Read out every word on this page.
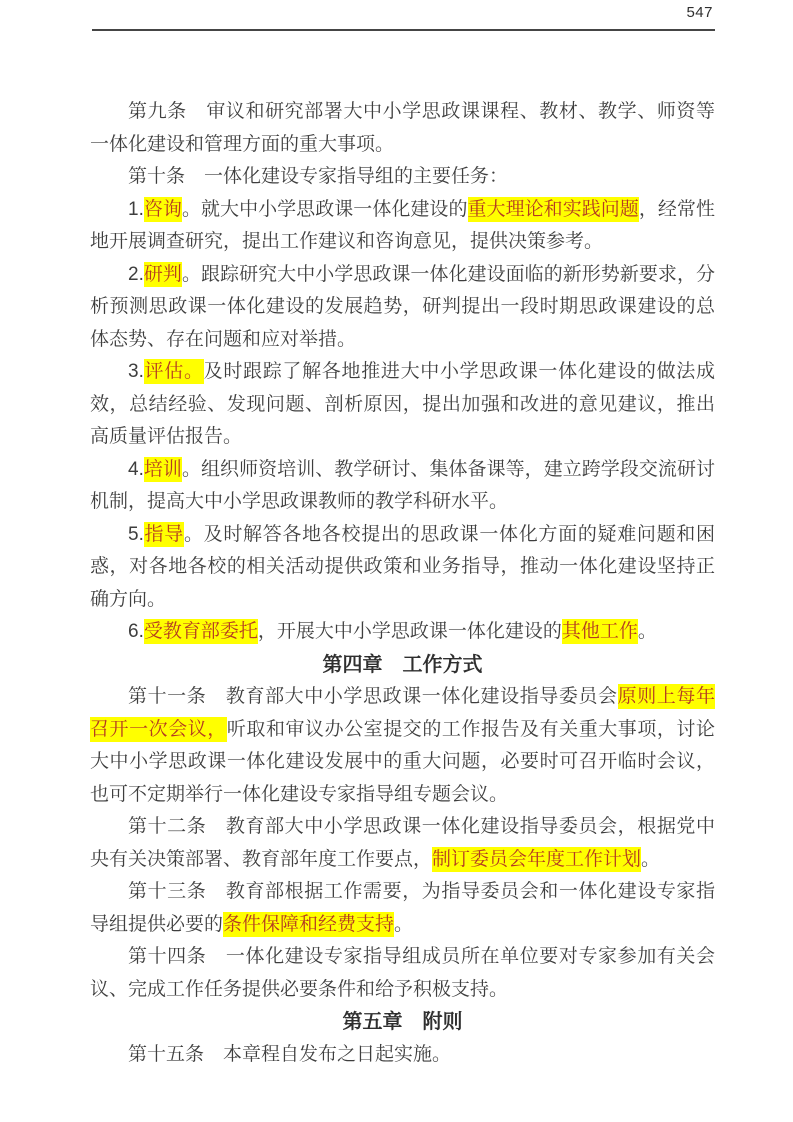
547

第九条　审议和研究部署大中小学思政课课程、教材、教学、师资等一体化建设和管理方面的重大事项。

第十条　一体化建设专家指导组的主要任务：

1.咨询。就大中小学思政课一体化建设的重大理论和实践问题，经常性地开展调查研究，提出工作建议和咨询意见，提供决策参考。

2.研判。跟踪研究大中小学思政课一体化建设面临的新形势新要求，分析预测思政课一体化建设的发展趋势，研判提出一段时期思政课建设的总体态势、存在问题和应对举措。

3.评估。及时跟踪了解各地推进大中小学思政课一体化建设的做法成效，总结经验、发现问题、剖析原因，提出加强和改进的意见建议，推出高质量评估报告。

4.培训。组织师资培训、教学研讨、集体备课等，建立跨学段交流研讨机制，提高大中小学思政课教师的教学科研水平。

5.指导。及时解答各地各校提出的思政课一体化方面的疑难问题和困惑，对各地各校的相关活动提供政策和业务指导，推动一体化建设坚持正确方向。

6.受教育部委托，开展大中小学思政课一体化建设的其他工作。

第四章　工作方式

第十一条　教育部大中小学思政课一体化建设指导委员会原则上每年召开一次会议，听取和审议办公室提交的工作报告及有关重大事项，讨论大中小学思政课一体化建设发展中的重大问题，必要时可召开临时会议，也可不定期举行一体化建设专家指导组专题会议。

第十二条　教育部大中小学思政课一体化建设指导委员会，根据党中央有关决策部署、教育部年度工作要点，制订委员会年度工作计划。

第十三条　教育部根据工作需要，为指导委员会和一体化建设专家指导组提供必要的条件保障和经费支持。

第十四条　一体化建设专家指导组成员所在单位要对专家参加有关会议、完成工作任务提供必要条件和给予积极支持。

第五章　附则

第十五条　本章程自发布之日起实施。
